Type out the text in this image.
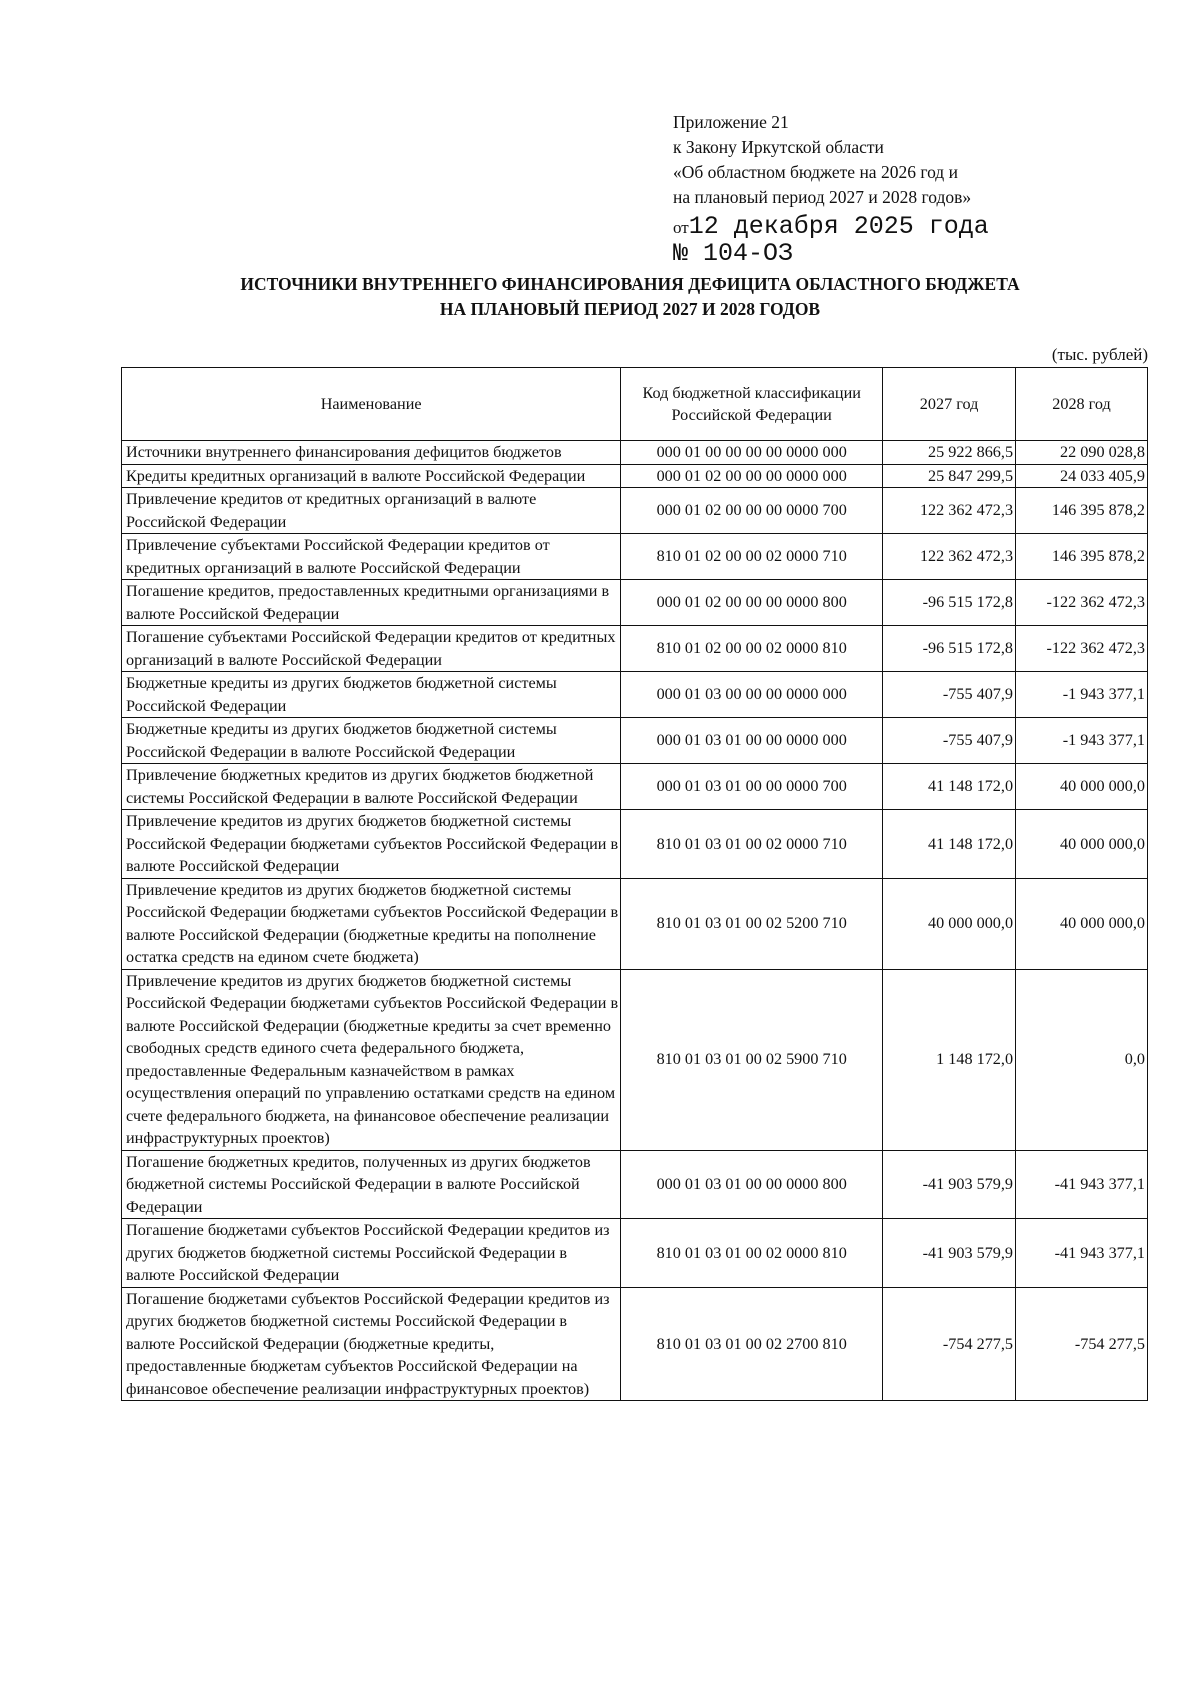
Приложение 21
к Закону Иркутской области
«Об областном бюджете на 2026 год и
на плановый период 2027 и 2028 годов»
от12 декабря 2025 года
№ 104-ОЗ
ИСТОЧНИКИ ВНУТРЕННЕГО ФИНАНСИРОВАНИЯ ДЕФИЦИТА ОБЛАСТНОГО БЮДЖЕТА
НА ПЛАНОВЫЙ ПЕРИОД 2027 И 2028 ГОДОВ
(тыс. рублей)
Наименование	Код бюджетной классификации Российской Федерации	2027 год	2028 год
Источники внутреннего финансирования дефицитов бюджетов	000 01 00 00 00 00 0000 000	25 922 866,5	22 090 028,8
Кредиты кредитных организаций в валюте Российской Федерации	000 01 02 00 00 00 0000 000	25 847 299,5	24 033 405,9
Привлечение кредитов от кредитных организаций в валюте Российской Федерации	000 01 02 00 00 00 0000 700	122 362 472,3	146 395 878,2
Привлечение субъектами Российской Федерации кредитов от кредитных организаций в валюте Российской Федерации	810 01 02 00 00 02 0000 710	122 362 472,3	146 395 878,2
Погашение кредитов, предоставленных кредитными организациями в валюте Российской Федерации	000 01 02 00 00 00 0000 800	-96 515 172,8	-122 362 472,3
Погашение субъектами Российской Федерации кредитов от кредитных организаций в валюте Российской Федерации	810 01 02 00 00 02 0000 810	-96 515 172,8	-122 362 472,3
Бюджетные кредиты из других бюджетов бюджетной системы Российской Федерации	000 01 03 00 00 00 0000 000	-755 407,9	-1 943 377,1
Бюджетные кредиты из других бюджетов бюджетной системы Российской Федерации в валюте Российской Федерации	000 01 03 01 00 00 0000 000	-755 407,9	-1 943 377,1
Привлечение бюджетных кредитов из других бюджетов бюджетной системы Российской Федерации в валюте Российской Федерации	000 01 03 01 00 00 0000 700	41 148 172,0	40 000 000,0
Привлечение кредитов из других бюджетов бюджетной системы Российской Федерации бюджетами субъектов Российской Федерации в валюте Российской Федерации	810 01 03 01 00 02 0000 710	41 148 172,0	40 000 000,0
Привлечение кредитов из других бюджетов бюджетной системы Российской Федерации бюджетами субъектов Российской Федерации в валюте Российской Федерации (бюджетные кредиты на пополнение остатка средств на едином счете бюджета)	810 01 03 01 00 02 5200 710	40 000 000,0	40 000 000,0
Привлечение кредитов из других бюджетов бюджетной системы Российской Федерации бюджетами субъектов Российской Федерации в валюте Российской Федерации (бюджетные кредиты за счет временно свободных средств единого счета федерального бюджета, предоставленные Федеральным казначейством в рамках осуществления операций по управлению остатками средств на едином счете федерального бюджета, на финансовое обеспечение реализации инфраструктурных проектов)	810 01 03 01 00 02 5900 710	1 148 172,0	0,0
Погашение бюджетных кредитов, полученных из других бюджетов бюджетной системы Российской Федерации в валюте Российской Федерации	000 01 03 01 00 00 0000 800	-41 903 579,9	-41 943 377,1
Погашение бюджетами субъектов Российской Федерации кредитов из других бюджетов бюджетной системы Российской Федерации в валюте Российской Федерации	810 01 03 01 00 02 0000 810	-41 903 579,9	-41 943 377,1
Погашение бюджетами субъектов Российской Федерации кредитов из других бюджетов бюджетной системы Российской Федерации в валюте Российской Федерации (бюджетные кредиты, предоставленные бюджетам субъектов Российской Федерации на финансовое обеспечение реализации инфраструктурных проектов)	810 01 03 01 00 02 2700 810	-754 277,5	-754 277,5
